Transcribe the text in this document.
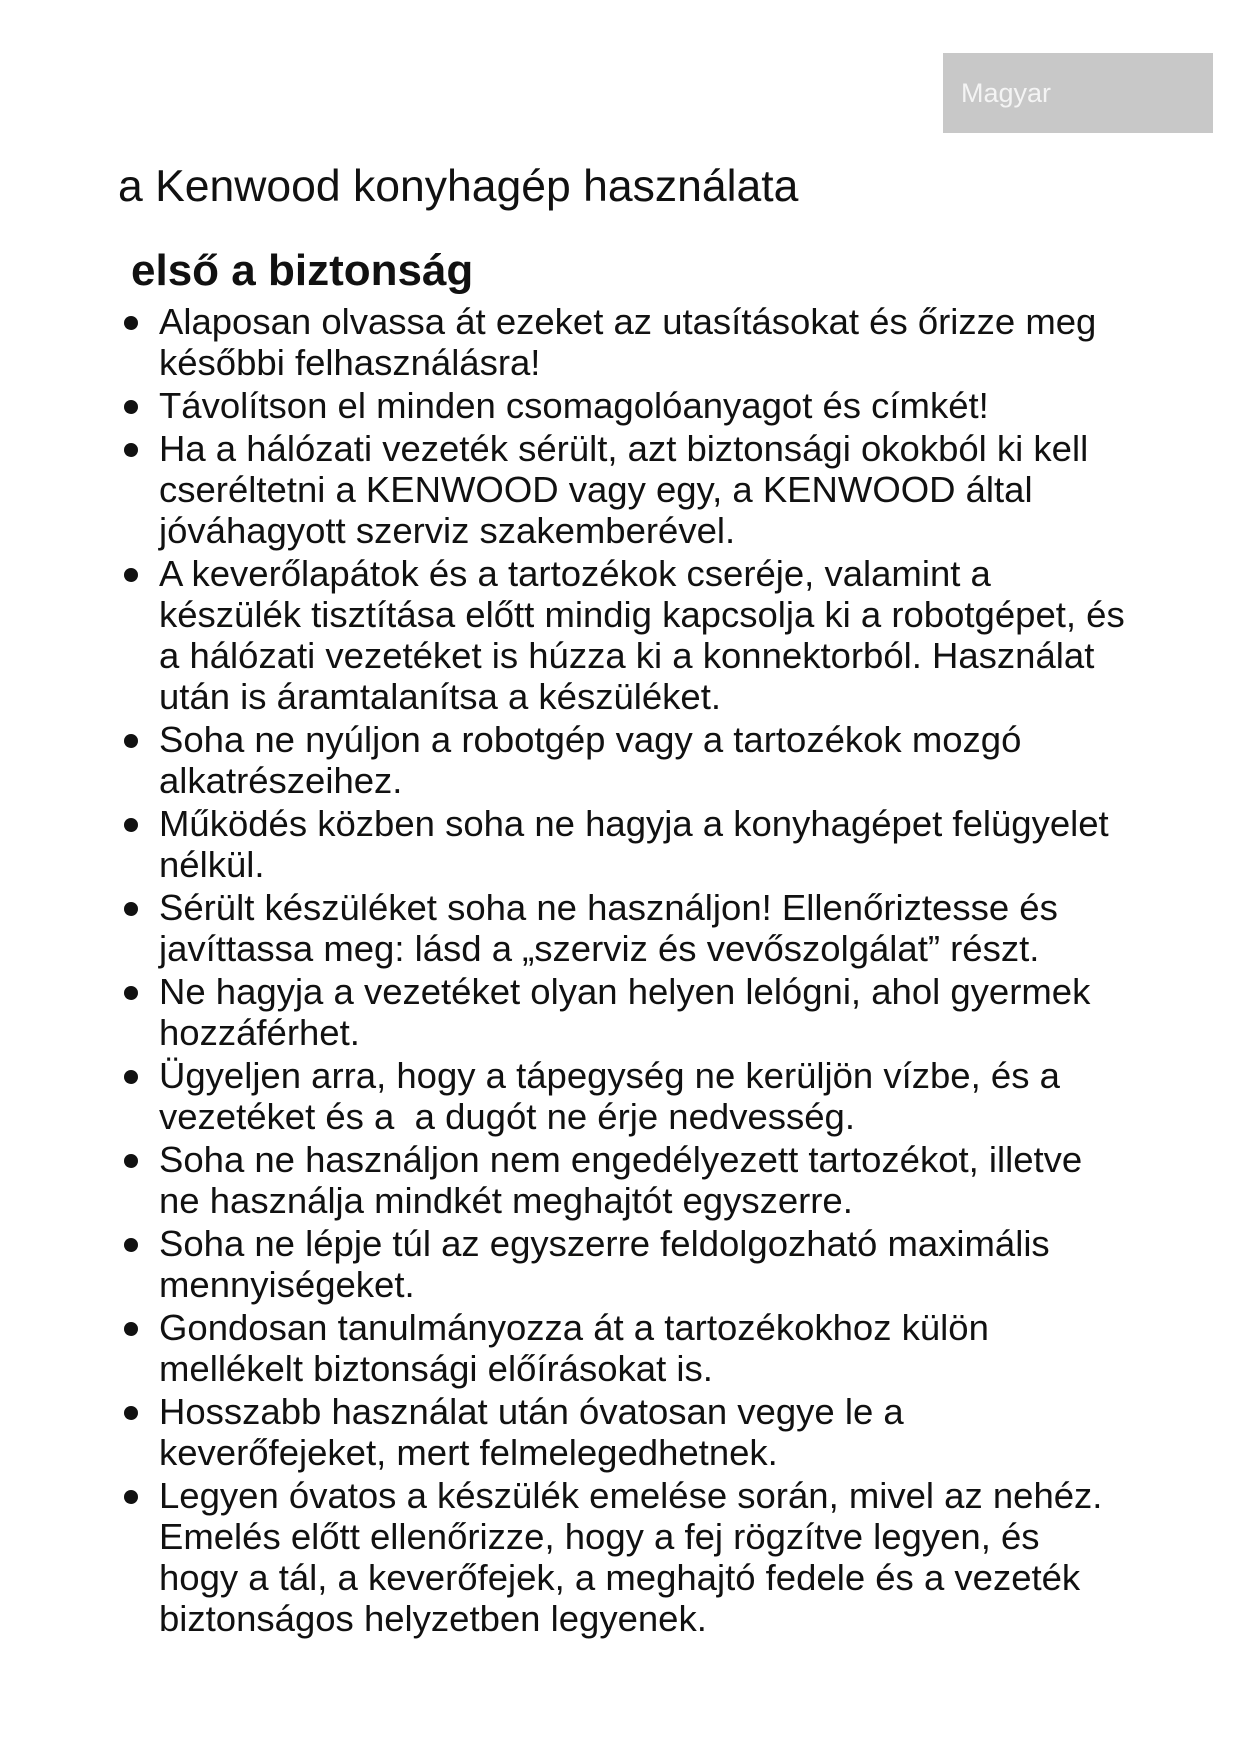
Magyar
a Kenwood konyhagép használata
első a biztonság
Alaposan olvassa át ezeket az utasításokat és őrizze meg
későbbi felhasználásra!
Távolítson el minden csomagolóanyagot és címkét!
Ha a hálózati vezeték sérült, azt biztonsági okokból ki kell
cseréltetni a KENWOOD vagy egy, a KENWOOD által
jóváhagyott szerviz szakemberével.
A keverőlapátok és a tartozékok cseréje, valamint a
készülék tisztítása előtt mindig kapcsolja ki a robotgépet, és
a hálózati vezetéket is húzza ki a konnektorból. Használat
után is áramtalanítsa a készüléket.
Soha ne nyúljon a robotgép vagy a tartozékok mozgó
alkatrészeihez.
Működés közben soha ne hagyja a konyhagépet felügyelet
nélkül.
Sérült készüléket soha ne használjon! Ellenőriztesse és
javíttassa meg: lásd a „szerviz és vevőszolgálat” részt.
Ne hagyja a vezetéket olyan helyen lelógni, ahol gyermek
hozzáférhet.
Ügyeljen arra, hogy a tápegység ne kerüljön vízbe, és a
vezetéket és a  a dugót ne érje nedvesség.
Soha ne használjon nem engedélyezett tartozékot, illetve
ne használja mindkét meghajtót egyszerre.
Soha ne lépje túl az egyszerre feldolgozható maximális
mennyiségeket.
Gondosan tanulmányozza át a tartozékokhoz külön
mellékelt biztonsági előírásokat is.
Hosszabb használat után óvatosan vegye le a
keverőfejeket, mert felmelegedhetnek.
Legyen óvatos a készülék emelése során, mivel az nehéz.
Emelés előtt ellenőrizze, hogy a fej rögzítve legyen, és
hogy a tál, a keverőfejek, a meghajtó fedele és a vezeték
biztonságos helyzetben legyenek.
